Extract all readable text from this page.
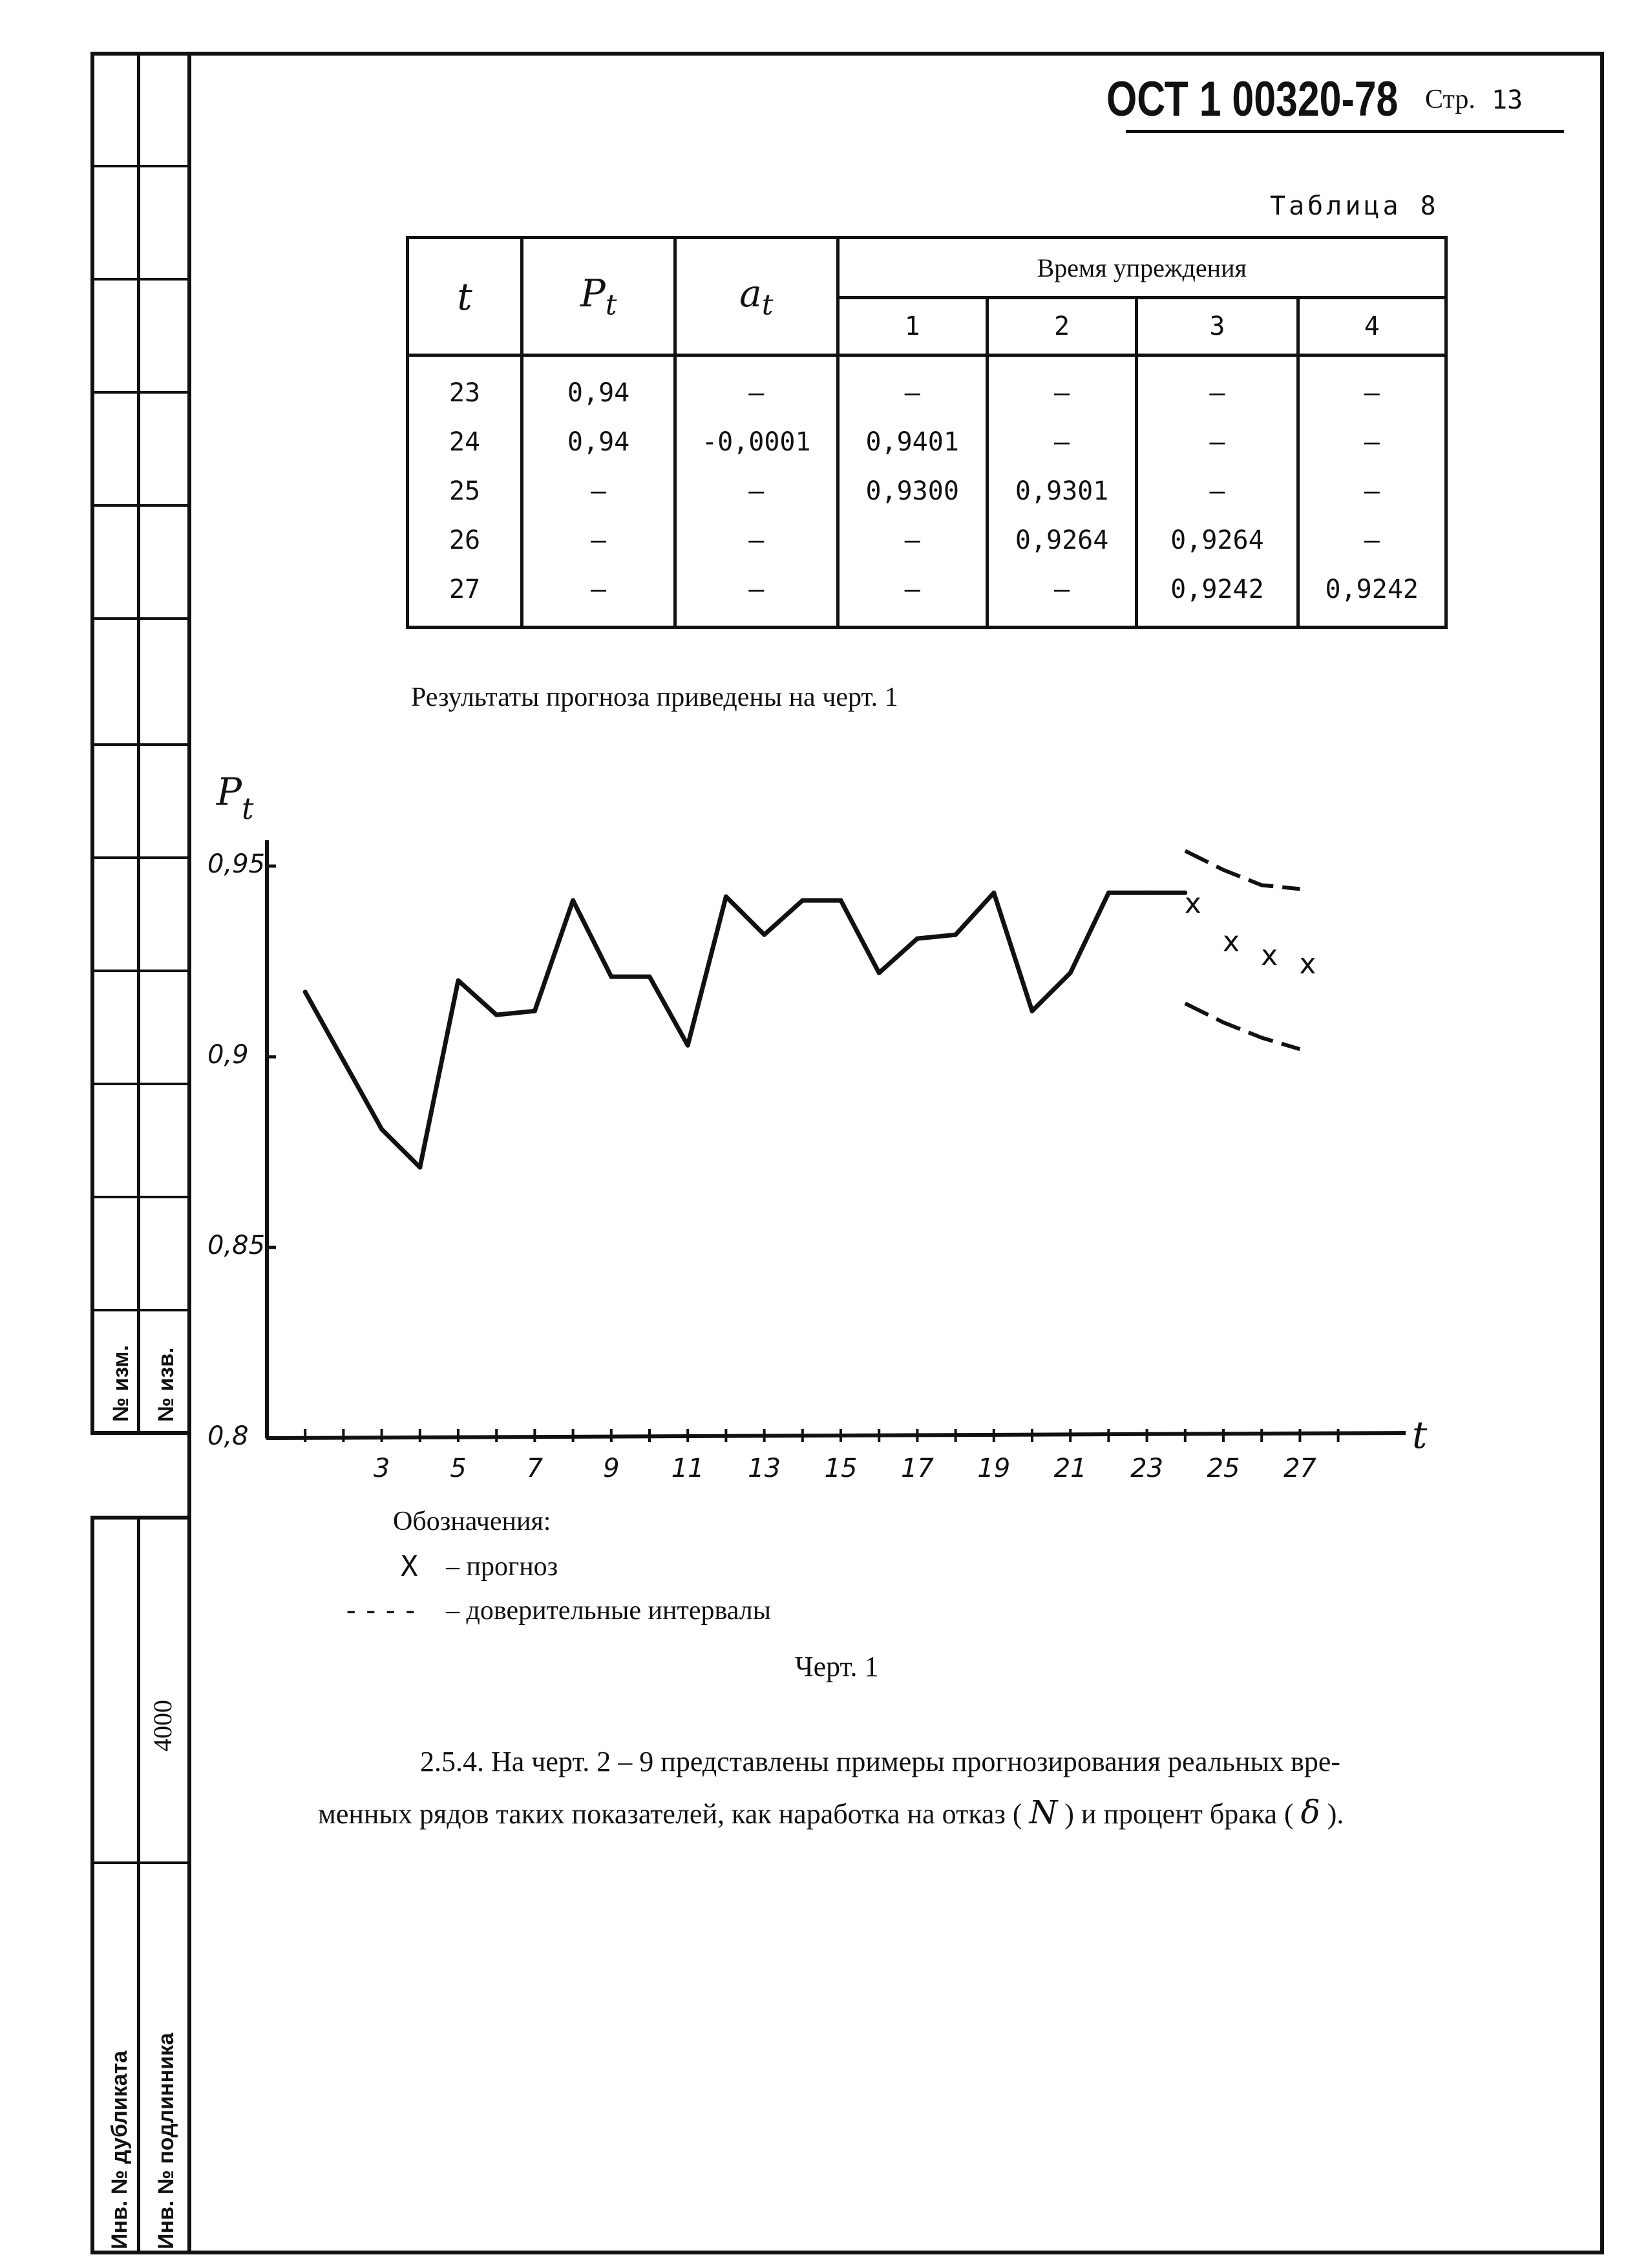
№ изм. № изв.
4000
Инв. № дубликата Инв. № подлинника
ОСТ 1 00320-78 Стр. 13
Таблица 8
t	$P_t$	$a_t$	Время упреждения			
			1	2	3	4
23	0,94	–	–	–	–	–
24	0,94	-0,0001	0,9401	–	–	–
25	–	–	0,9300	0,9301	–	–
26	–	–	–	0,9264	0,9264	–
27	–	–	–	–	0,9242	0,9242
Результаты прогноза приведены на черт. 1
0,8
0,85
0,9
0,95
3 5 7 9 11 13 15 17 19 21 23 25 27
$P_t$
t
x
x x x
Обозначения:
X – прогноз
---- – доверительные интервалы
Черт. 1
2.5.4. На черт. 2 – 9 представлены примеры прогнозирования реальных вре-
менных рядов таких показателей, как наработка на отказ ( N ) и процент брака ( δ ).
